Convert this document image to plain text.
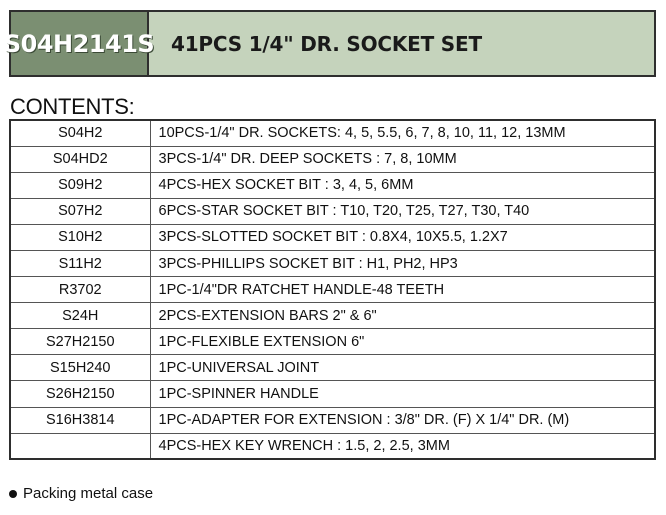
S04H2141S 41PCS 1/4" DR. SOCKET SET
CONTENTS:
S04H2	10PCS-1/4" DR. SOCKETS: 4, 5, 5.5, 6, 7, 8, 10, 11, 12, 13MM
S04HD2	3PCS-1/4" DR. DEEP SOCKETS : 7, 8, 10MM
S09H2	4PCS-HEX SOCKET BIT : 3, 4, 5, 6MM
S07H2	6PCS-STAR SOCKET BIT : T10, T20, T25, T27, T30, T40
S10H2	3PCS-SLOTTED SOCKET BIT : 0.8X4, 10X5.5, 1.2X7
S11H2	3PCS-PHILLIPS SOCKET BIT : H1, PH2, HP3
R3702	1PC-1/4"DR RATCHET HANDLE-48 TEETH
S24H	2PCS-EXTENSION BARS 2" & 6"
S27H2150	1PC-FLEXIBLE EXTENSION 6"
S15H240	1PC-UNIVERSAL JOINT
S26H2150	1PC-SPINNER HANDLE
S16H3814	1PC-ADAPTER FOR EXTENSION : 3/8" DR. (F) X 1/4" DR. (M)
	4PCS-HEX KEY WRENCH : 1.5, 2, 2.5, 3MM
Packing metal case
